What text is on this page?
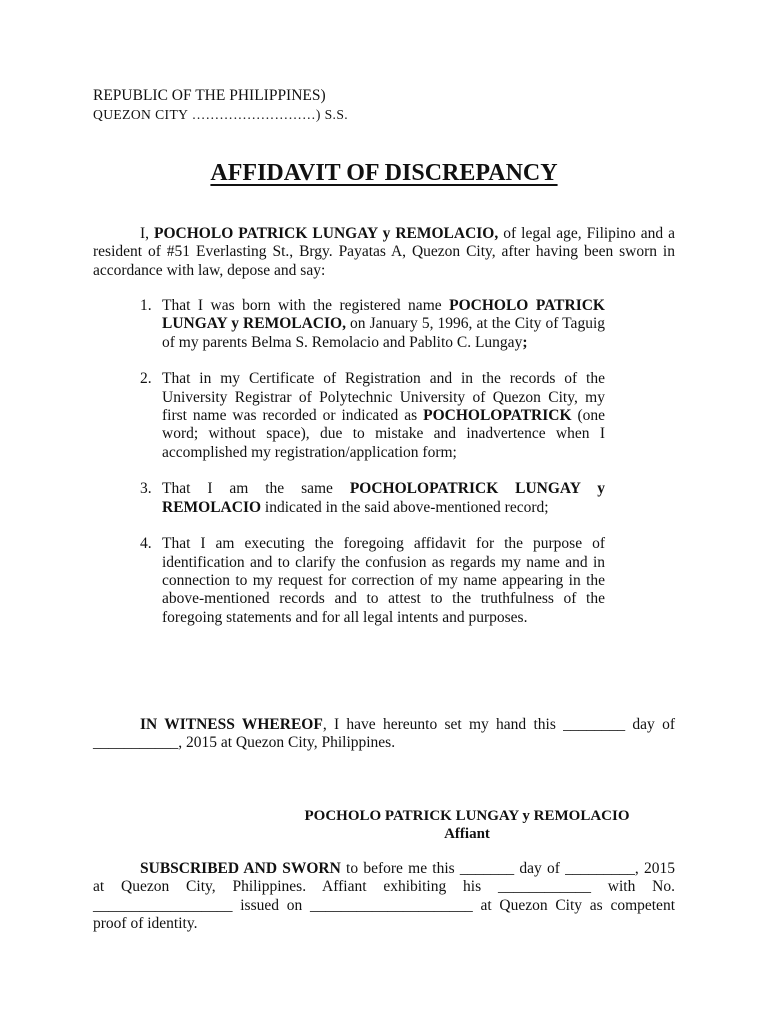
REPUBLIC OF THE PHILIPPINES)
QUEZON CITY ………………………) S.S.
AFFIDAVIT OF DISCREPANCY
I, POCHOLO PATRICK LUNGAY y REMOLACIO, of legal age, Filipino and a resident of #51 Everlasting St., Brgy. Payatas A, Quezon City, after having been sworn in accordance with law, depose and say:
1. That I was born with the registered name POCHOLO PATRICK LUNGAY y REMOLACIO, on January 5, 1996, at the City of Taguig of my parents Belma S. Remolacio and Pablito C. Lungay;
2. That in my Certificate of Registration and in the records of the University Registrar of Polytechnic University of Quezon City, my first name was recorded or indicated as POCHOLOPATRICK (one word; without space), due to mistake and inadvertence when I accomplished my registration/application form;
3. That I am the same POCHOLOPATRICK LUNGAY y REMOLACIO indicated in the said above-mentioned record;
4. That I am executing the foregoing affidavit for the purpose of identification and to clarify the confusion as regards my name and in connection to my request for correction of my name appearing in the above-mentioned records and to attest to the truthfulness of the foregoing statements and for all legal intents and purposes.
IN WITNESS WHEREOF, I have hereunto set my hand this ________ day of ___________, 2015 at Quezon City, Philippines.
POCHOLO PATRICK LUNGAY y REMOLACIO
Affiant
SUBSCRIBED AND SWORN to before me this _______ day of _________, 2015 at Quezon City, Philippines. Affiant exhibiting his ____________ with No. __________________ issued on _____________________ at Quezon City as competent proof of identity.
